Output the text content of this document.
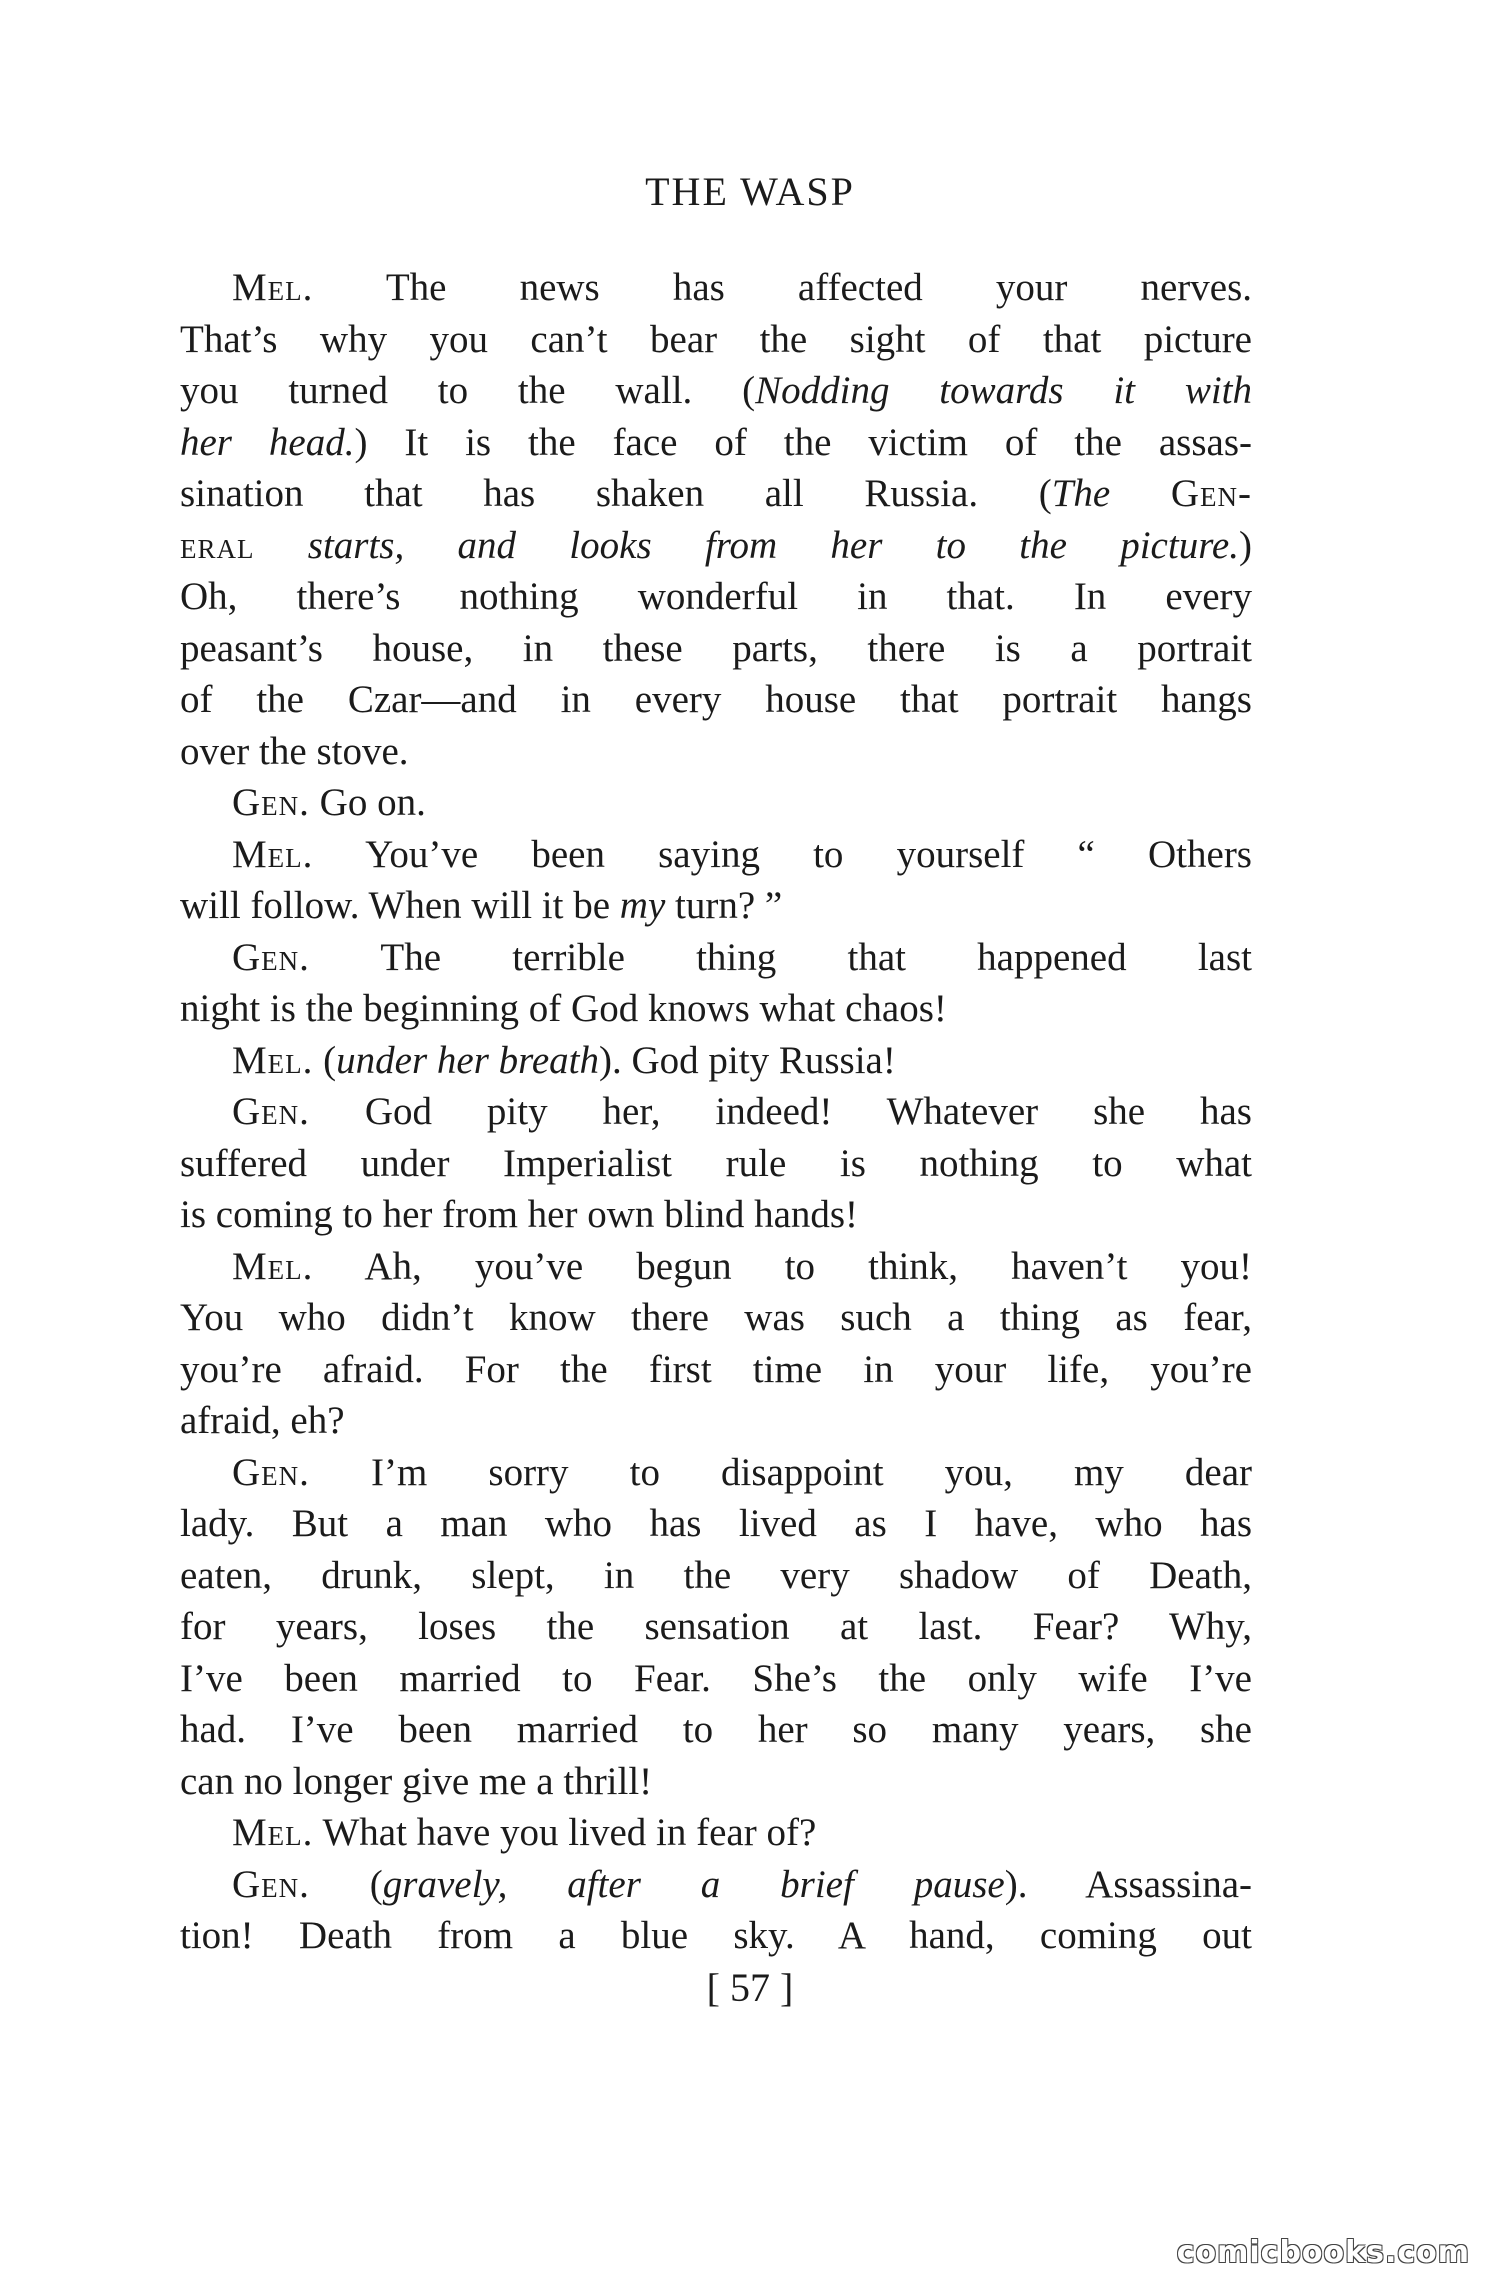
THE WASP
Mel. The news has affected your nerves.
That’s why you can’t bear the sight of that picture
you turned to the wall. (Nodding towards it with
her head.) It is the face of the victim of the assas-
sination that has shaken all Russia. (The Gen-
eral starts, and looks from her to the picture.)
Oh, there’s nothing wonderful in that. In every
peasant’s house, in these parts, there is a portrait
of the Czar—and in every house that portrait hangs
over the stove.
Gen. Go on.
Mel. You’ve been saying to yourself “ Others
will follow. When will it be my turn? ”
Gen. The terrible thing that happened last
night is the beginning of God knows what chaos!
Mel. (under her breath). God pity Russia!
Gen. God pity her, indeed! Whatever she has
suffered under Imperialist rule is nothing to what
is coming to her from her own blind hands!
Mel. Ah, you’ve begun to think, haven’t you!
You who didn’t know there was such a thing as fear,
you’re afraid. For the first time in your life, you’re
afraid, eh?
Gen. I’m sorry to disappoint you, my dear
lady. But a man who has lived as I have, who has
eaten, drunk, slept, in the very shadow of Death,
for years, loses the sensation at last. Fear? Why,
I’ve been married to Fear. She’s the only wife I’ve
had. I’ve been married to her so many years, she
can no longer give me a thrill!
Mel. What have you lived in fear of?
Gen. (gravely, after a brief pause). Assassina-
tion! Death from a blue sky. A hand, coming out
[ 57 ]
comicbooks.com
